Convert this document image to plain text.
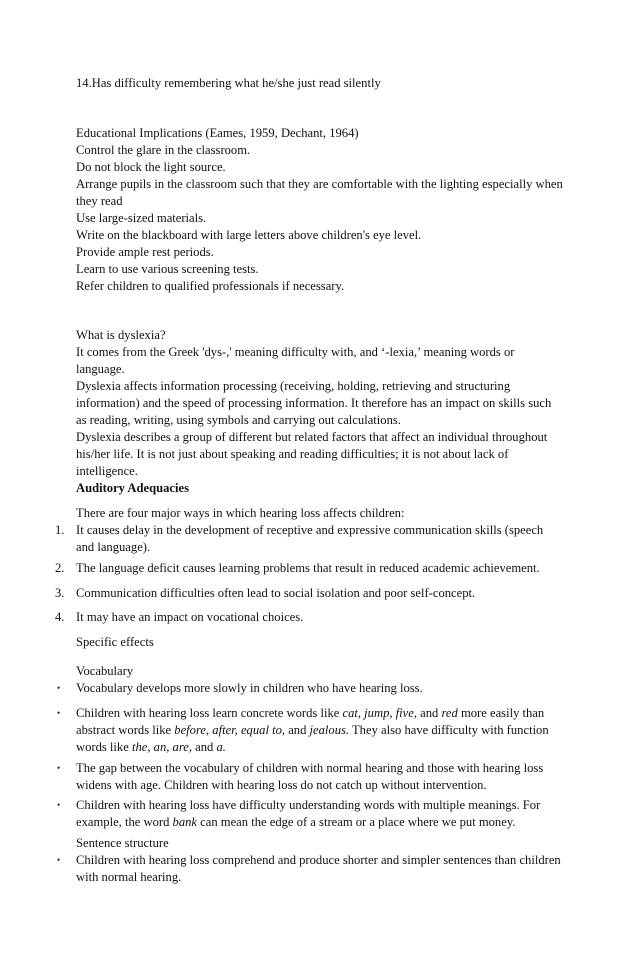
14.Has difficulty remembering what he/she just read silently

Educational Implications (Eames, 1959, Dechant, 1964)

Control the glare in the classroom.

Do not block the light source.

Arrange pupils in the classroom such that they are comfortable with the lighting especially when they read

Use large-sized materials.

Write on the blackboard with large letters above children's eye level.

Provide ample rest periods.

Learn to use various screening tests.

Refer children to qualified professionals if necessary.

What is dyslexia?

It comes from the Greek 'dys-,' meaning difficulty with, and ‘-lexia,’ meaning words or language.

Dyslexia affects information processing (receiving, holding, retrieving and structuring information) and the speed of processing information. It therefore has an impact on skills such as reading, writing, using symbols and carrying out calculations.

Dyslexia describes a group of different but related factors that affect an individual throughout his/her life. It is not just about speaking and reading difficulties; it is not about lack of intelligence.

Auditory Adequacies

There are four major ways in which hearing loss affects children:

1. It causes delay in the development of receptive and expressive communication skills (speech and language).

2. The language deficit causes learning problems that result in reduced academic achievement.

3. Communication difficulties often lead to social isolation and poor self-concept.

4. It may have an impact on vocational choices.

Specific effects

Vocabulary

• Vocabulary develops more slowly in children who have hearing loss.

• Children with hearing loss learn concrete words like cat, jump, five, and red more easily than abstract words like before, after, equal to, and jealous. They also have difficulty with function words like the, an, are, and a.

• The gap between the vocabulary of children with normal hearing and those with hearing loss widens with age. Children with hearing loss do not catch up without intervention.

• Children with hearing loss have difficulty understanding words with multiple meanings. For example, the word bank can mean the edge of a stream or a place where we put money.

Sentence structure

• Children with hearing loss comprehend and produce shorter and simpler sentences than children with normal hearing.
